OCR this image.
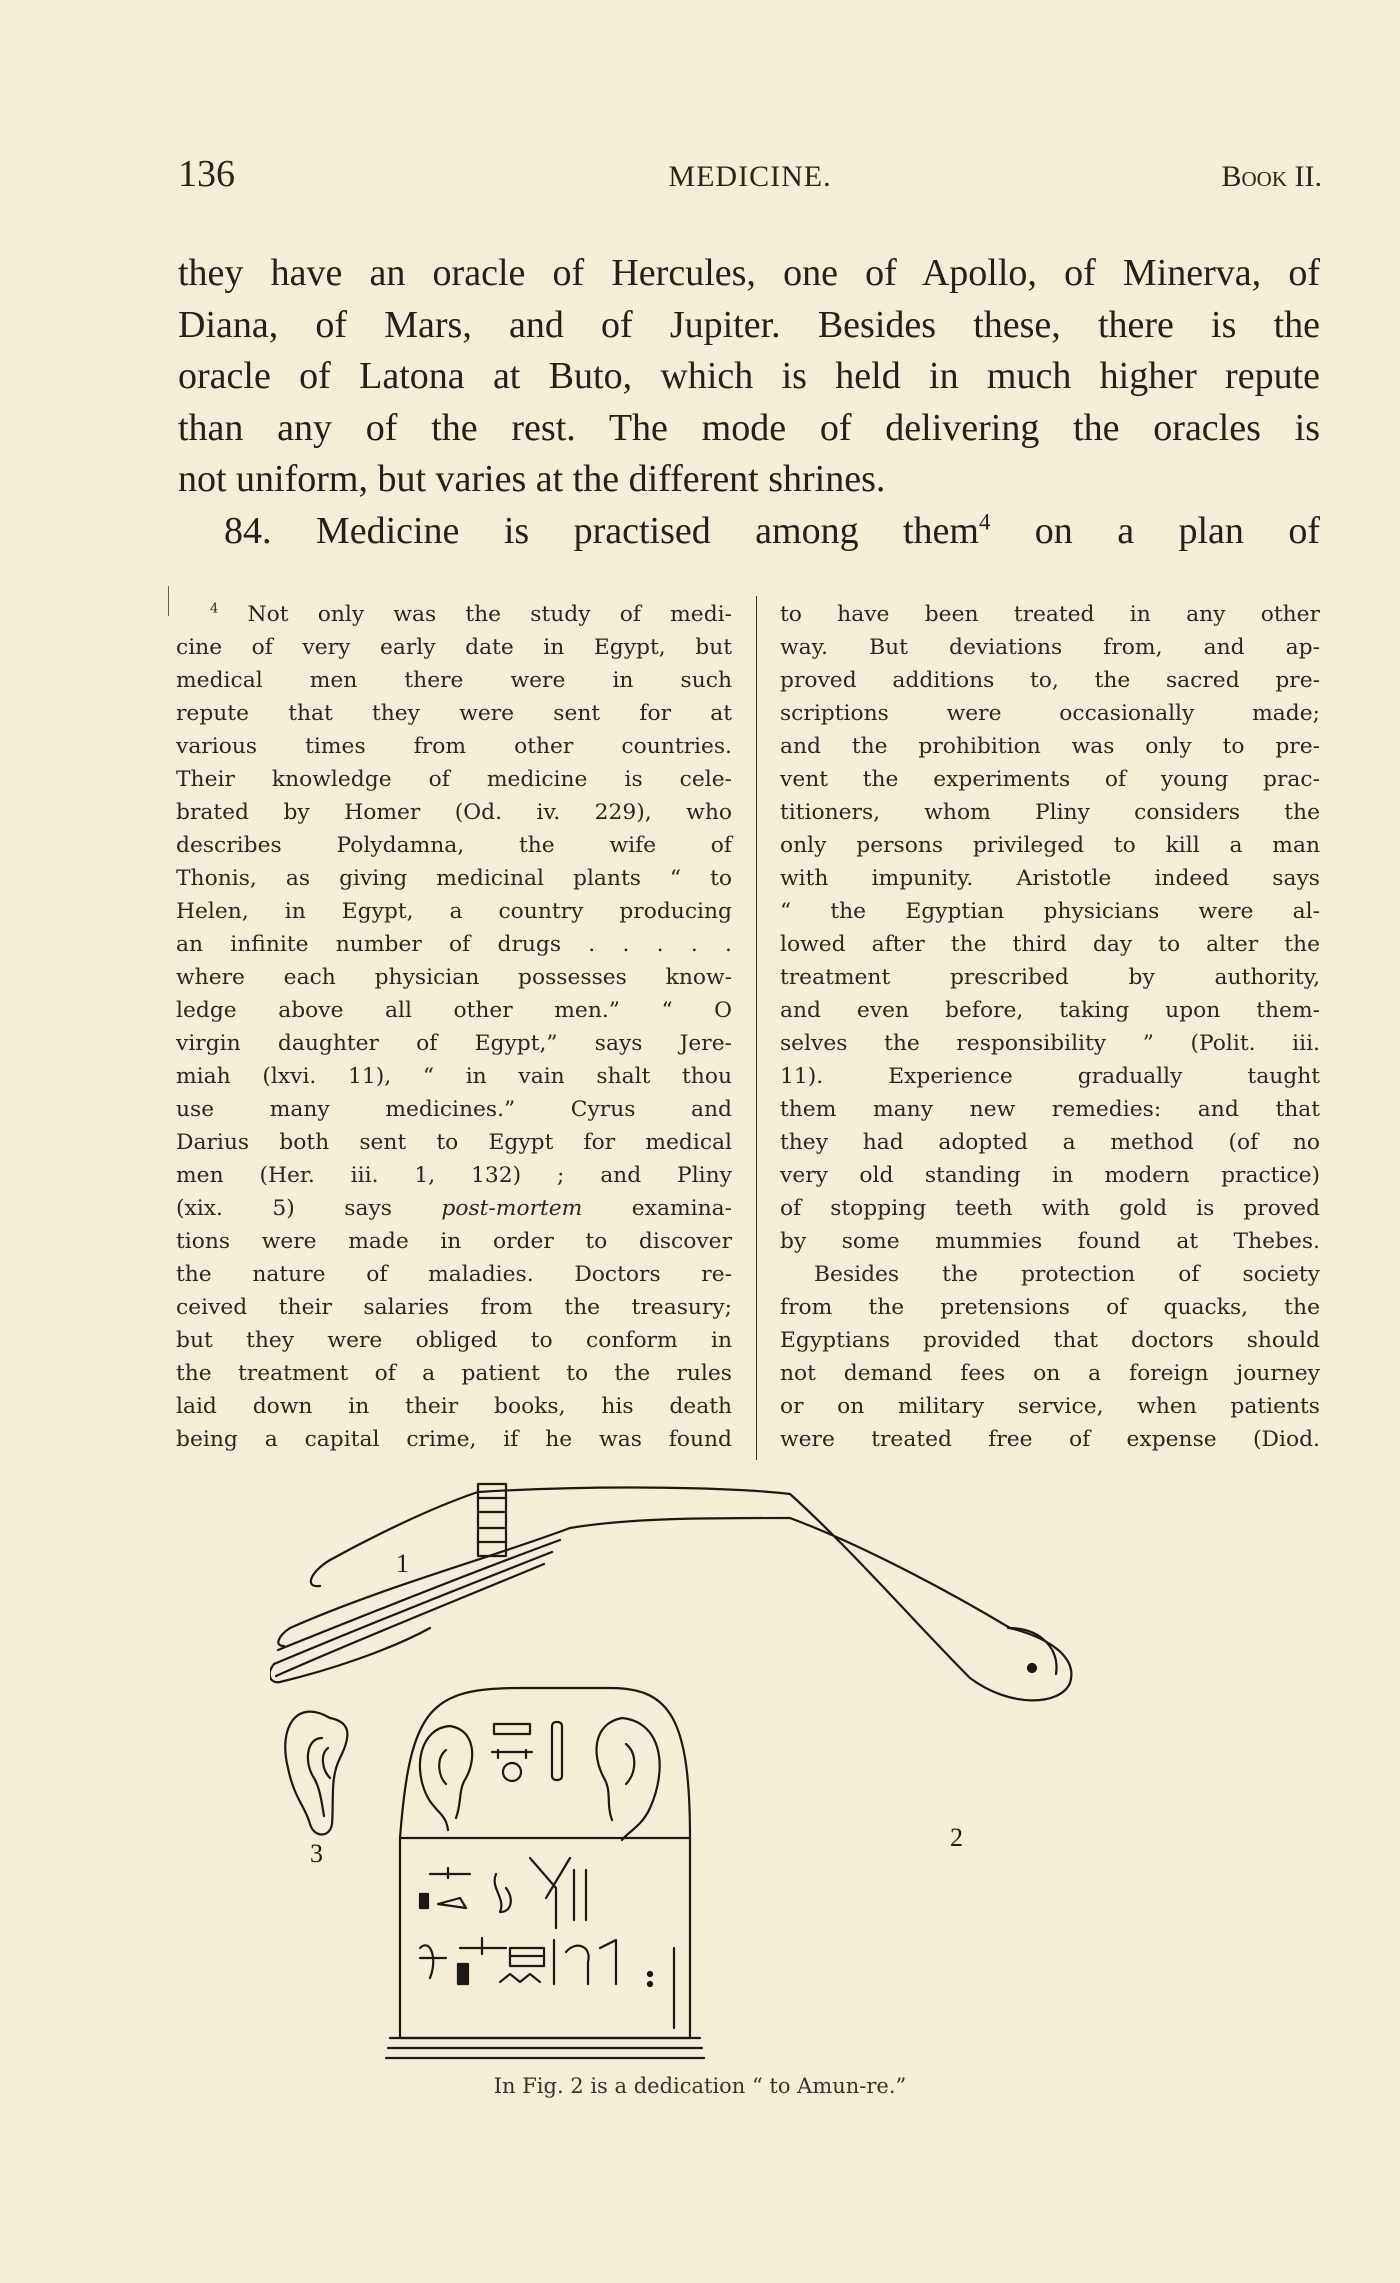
136	MEDICINE.	Book II.
they have an oracle of Hercules, one of Apollo, of Minerva, of
Diana, of Mars, and of Jupiter. Besides these, there is the
oracle of Latona at Buto, which is held in much higher repute
than any of the rest. The mode of delivering the oracles is
not uniform, but varies at the different shrines.
84. Medicine is practised among them$^4$ on a plan of
$^4$ Not only was the study of medi-
cine of very early date in Egypt, but
medical men there were in such
repute that they were sent for at
various times from other countries.
Their knowledge of medicine is cele-
brated by Homer (Od. iv. 229), who
describes Polydamna, the wife of
Thonis, as giving medicinal plants “ to
Helen, in Egypt, a country producing
an infinite number of drugs . . . . .
where each physician possesses know-
ledge above all other men.” “ O
virgin daughter of Egypt,” says Jere-
miah (lxvi. 11), “ in vain shalt thou
use many medicines.” Cyrus and
Darius both sent to Egypt for medical
men (Her. iii. 1, 132) ; and Pliny
(xix. 5) says post-mortem examina-
tions were made in order to discover
the nature of maladies. Doctors re-
ceived their salaries from the treasury;
but they were obliged to conform in
the treatment of a patient to the rules
laid down in their books, his death
being a capital crime, if he was found
to have been treated in any other
way. But deviations from, and ap-
proved additions to, the sacred pre-
scriptions were occasionally made;
and the prohibition was only to pre-
vent the experiments of young prac-
titioners, whom Pliny considers the
only persons privileged to kill a man
with impunity. Aristotle indeed says
“ the Egyptian physicians were al-
lowed after the third day to alter the
treatment prescribed by authority,
and even before, taking upon them-
selves the responsibility ” (Polit. iii.
11). Experience gradually taught
them many new remedies: and that
they had adopted a method (of no
very old standing in modern practice)
of stopping teeth with gold is proved
by some mummies found at Thebes.
Besides the protection of society
from the pretensions of quacks, the
Egyptians provided that doctors should
not demand fees on a foreign journey
or on military service, when patients
were treated free of expense (Diod.
1
2
3
In Fig. 2 is a dedication “ to Amun-re.”
